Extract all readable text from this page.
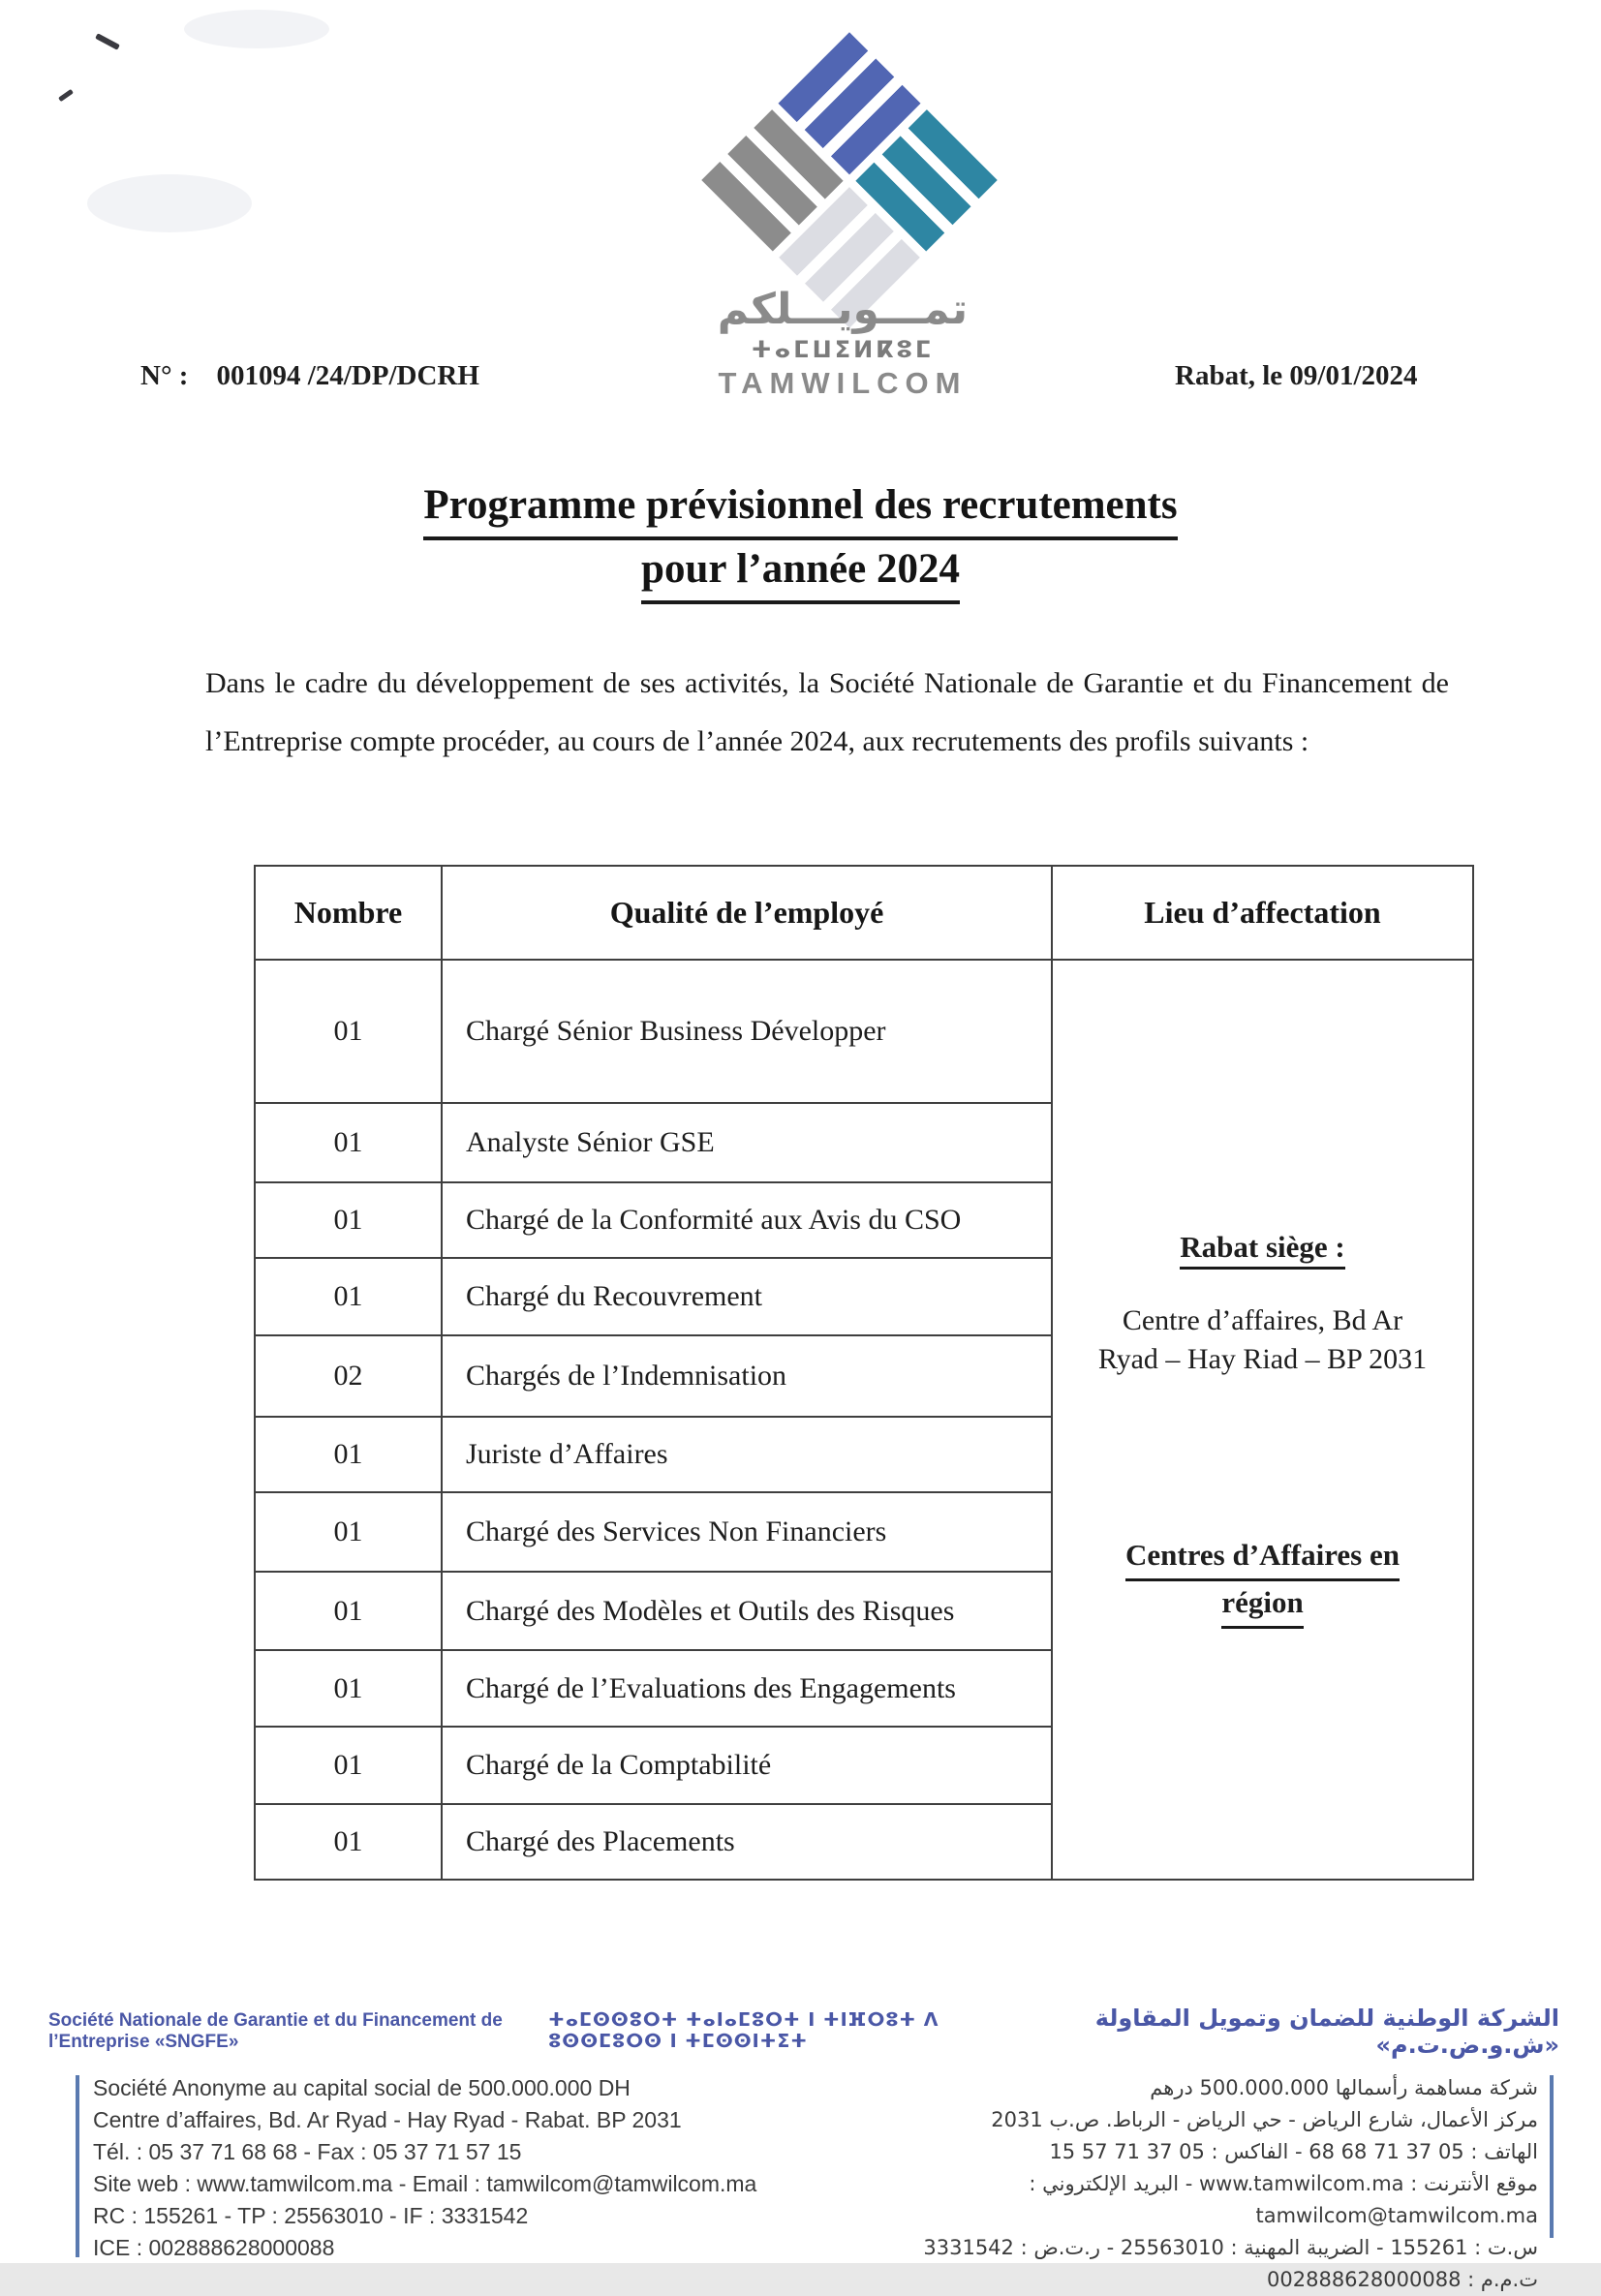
تمـــويـــلكم
ⵜⴰⵎⵡⵉⵍⴽⵓⵎ
TAMWILCOM
N° : 001094 /24/DP/DCRH	Rabat, le 09/01/2024
Programme prévisionnel des recrutements
pour l’année 2024
Dans le cadre du développement de ses activités, la Société Nationale de Garantie et du Financement de l’Entreprise compte procéder, au cours de l’année 2024, aux recrutements des profils suivants :
Nombre	Qualité de l’employé	Lieu d’affectation
01	Chargé Sénior Business Développer	Rabat siège :
Centre d’affaires, Bd Ar
Ryad – Hay Riad – BP 2031
Centres d’Affaires en
région

01	Analyste Sénior GSE	
01	Chargé de la Conformité aux Avis du CSO	
01	Chargé du Recouvrement	
02	Chargés de l’Indemnisation	
01	Juriste d’Affaires	
01	Chargé des Services Non Financiers	
01	Chargé des Modèles et Outils des Risques	
01	Chargé de l’Evaluations des Engagements	
01	Chargé de la Comptabilité	
01	Chargé des Placements	
Société Nationale de Garantie et du Financement de l’Entreprise «SNGFE»
ⵜⴰⵎⵙⵙⵓⵔⵜ ⵜⴰⵏⴰⵎⵓⵔⵜ ⵏ ⵜⵏⴼⵔⵓⵜ ⴷ ⵓⵙⵙⵎⵓⵔⵙ ⵏ ⵜⵎⵙⵙⵏⵜⵉⵜ
الشركة الوطنية للضمان وتمويل المقاولة «ش.و.ض.ت.م»
Société Anonyme au capital social de 500.000.000 DH
Centre d’affaires, Bd. Ar Ryad - Hay Ryad - Rabat. BP 2031
Tél. : 05 37 71 68 68 - Fax : 05 37 71 57 15
Site web : www.tamwilcom.ma - Email : tamwilcom@tamwilcom.ma
RC : 155261 - TP : 25563010 - IF : 3331542
ICE : 002888628000088
شركة مساهمة رأسمالها 500.000.000 درهم
مركز الأعمال، شارع الرياض - حي الرياض - الرباط. ص.ب 2031
الهاتف : 05 37 71 68 68 - الفاكس : 05 37 71 57 15
موقع الأنترنت : www.tamwilcom.ma - البريد الإلكتروني : tamwilcom@tamwilcom.ma
س.ت : 155261 - الضريبة المهنية : 25563010 - ر.ت.ض : 3331542
ت.م.م : 002888628000088
